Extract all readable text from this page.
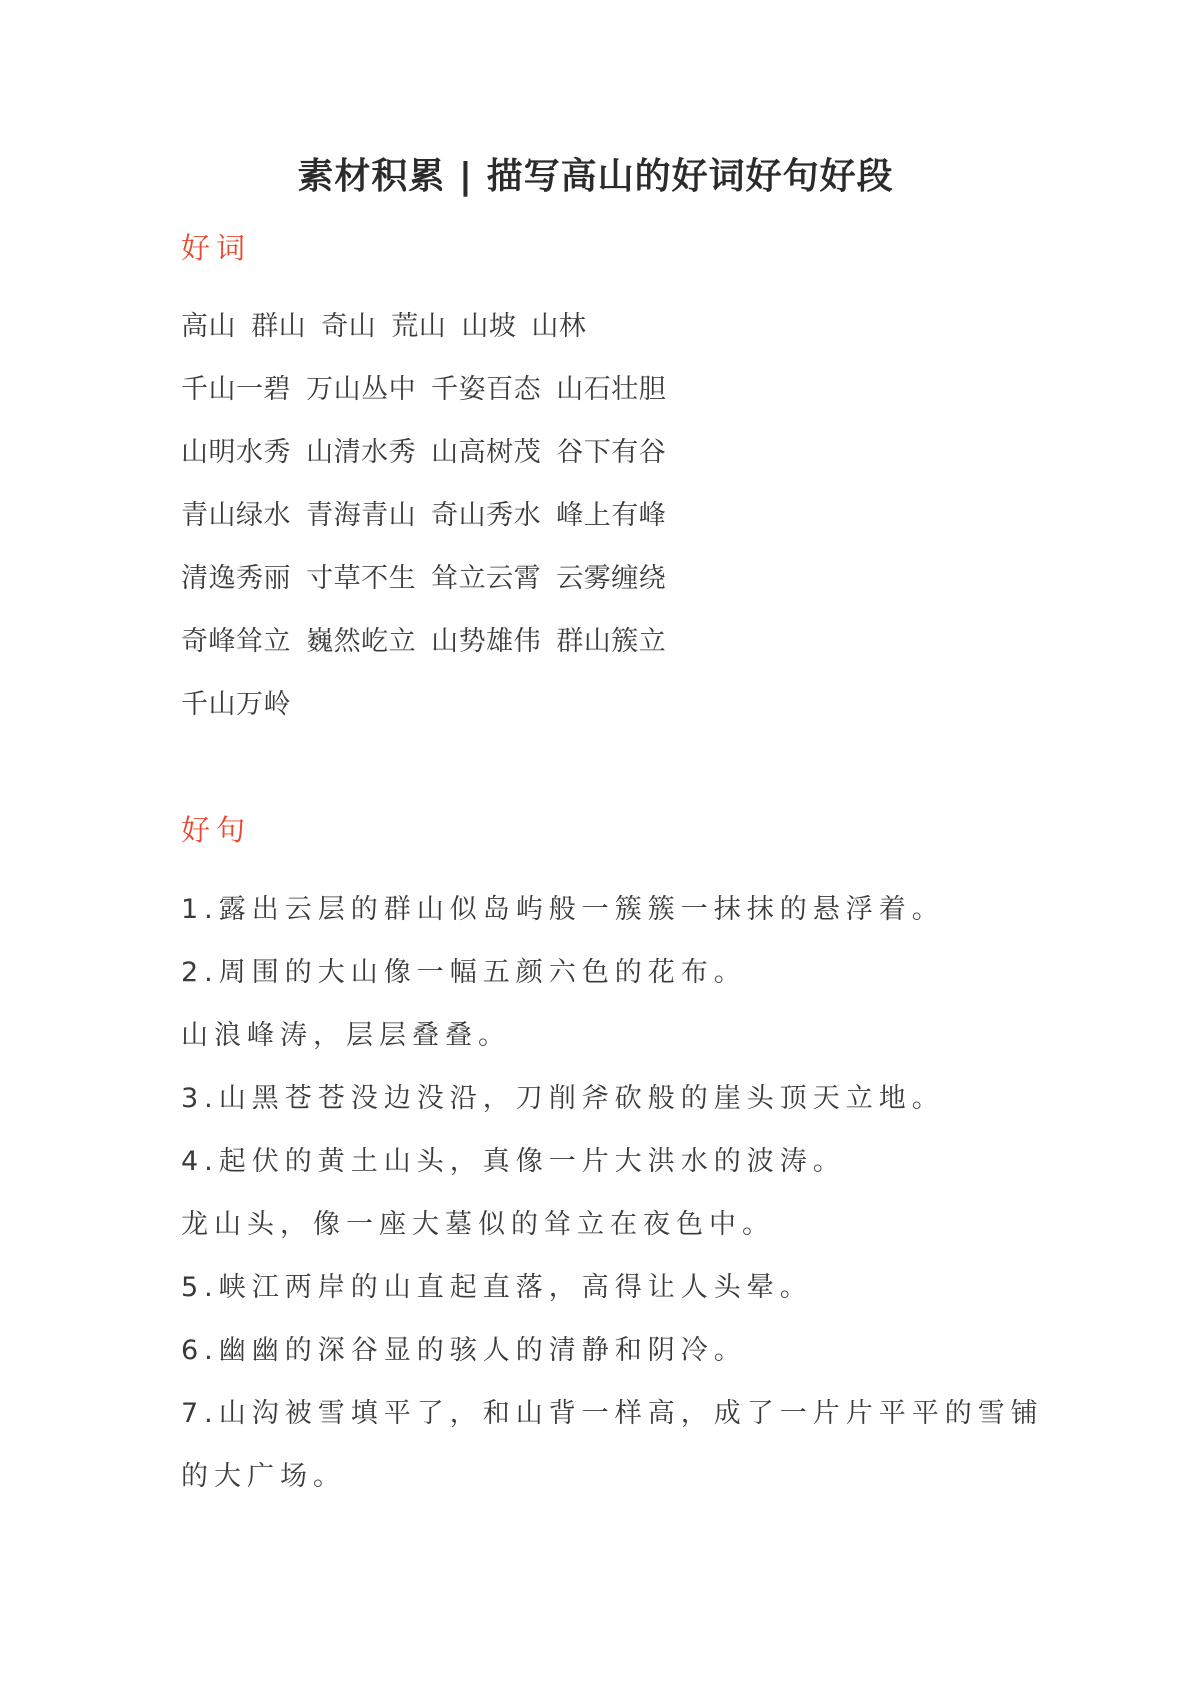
素材积累 | 描写高山的好词好句好段
好词
高山 群山 奇山 荒山 山坡 山林
千山一碧 万山丛中 千姿百态 山石壮胆
山明水秀 山清水秀 山高树茂 谷下有谷
青山绿水 青海青山 奇山秀水 峰上有峰
清逸秀丽 寸草不生 耸立云霄 云雾缠绕
奇峰耸立 巍然屹立 山势雄伟 群山簇立
千山万岭
好句
1.露出云层的群山似岛屿般一簇簇一抹抹的悬浮着。
2.周围的大山像一幅五颜六色的花布。
山浪峰涛，层层叠叠。
3.山黑苍苍没边没沿，刀削斧砍般的崖头顶天立地。
4.起伏的黄土山头，真像一片大洪水的波涛。
龙山头，像一座大墓似的耸立在夜色中。
5.峡江两岸的山直起直落，高得让人头晕。
6.幽幽的深谷显的骇人的清静和阴冷。
7.山沟被雪填平了，和山背一样高，成了一片片平平的雪铺
的大广场。
